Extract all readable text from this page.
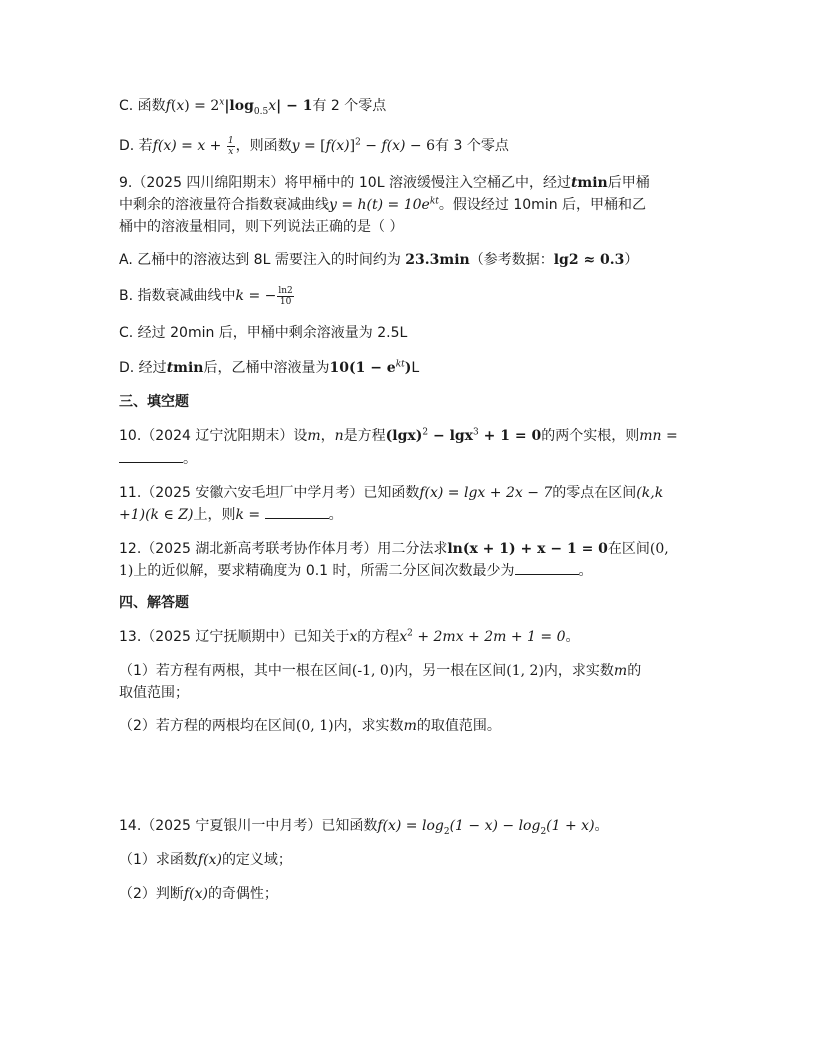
C. 函数$f(x) = 2^x|\log_{0.5}x| - 1$有 2 个零点
D. 若$f(x) = x + \frac{1}{x}$ ，则函数$y = [f(x)]^2 - f(x) - 6$有 3 个零点
9.（2025 四川绵阳期末）将甲桶中的 10L 溶液缓慢注入空桶乙中，经过tmin后甲桶
中剩余的溶液量符合指数衰减曲线$y = h(t) = 10e^{kt}$。假设经过 10min 后，甲桶和乙
桶中的溶液量相同，则下列说法正确的是（ ）
A. 乙桶中的溶液达到 8L 需要注入的时间约为 23.3min（参考数据：lg2 ≈ 0.3）
B. 指数衰减曲线中k = − $\frac{\ln 2}{10}$
C. 经过 20min 后，甲桶中剩余溶液量为 2.5L
D. 经过tmin后，乙桶中溶液量为$10(1 - e^{kt})L$
三、填空题
10.（2024 辽宁沈阳期末）设m，n是方程$(\lg x)^2 - \lg x^3 + 1 = 0$的两个实根，则mn =
。
11.（2025 安徽六安毛坦厂中学月考）已知函数f(x) = lgx + 2x − 7的零点在区间(k,k
+1)(k ∈ Z)上，则k =	。
12.（2025 湖北新高考联考协作体月考）用二分法求ln(x + 1) + x − 1 = 0在区间(0,
1)上的近似解，要求精确度为 0.1 时，所需二分区间次数最少为	。
四、解答题
13.（2025 辽宁抚顺期中）已知关于x的方程$x^2 + 2mx + 2m + 1 = 0$。
（1）若方程有两根，其中一根在区间(-1, 0)内，另一根在区间(1, 2)内，求实数m的
取值范围；
（2）若方程的两根均在区间(0, 1)内，求实数m的取值范围。
14.（2025 宁夏银川一中月考）已知函数$f(x) = \log_2(1 - x) - \log_2(1 + x)$。
（1）求函数f(x)的定义域；
（2）判断f(x)的奇偶性；
